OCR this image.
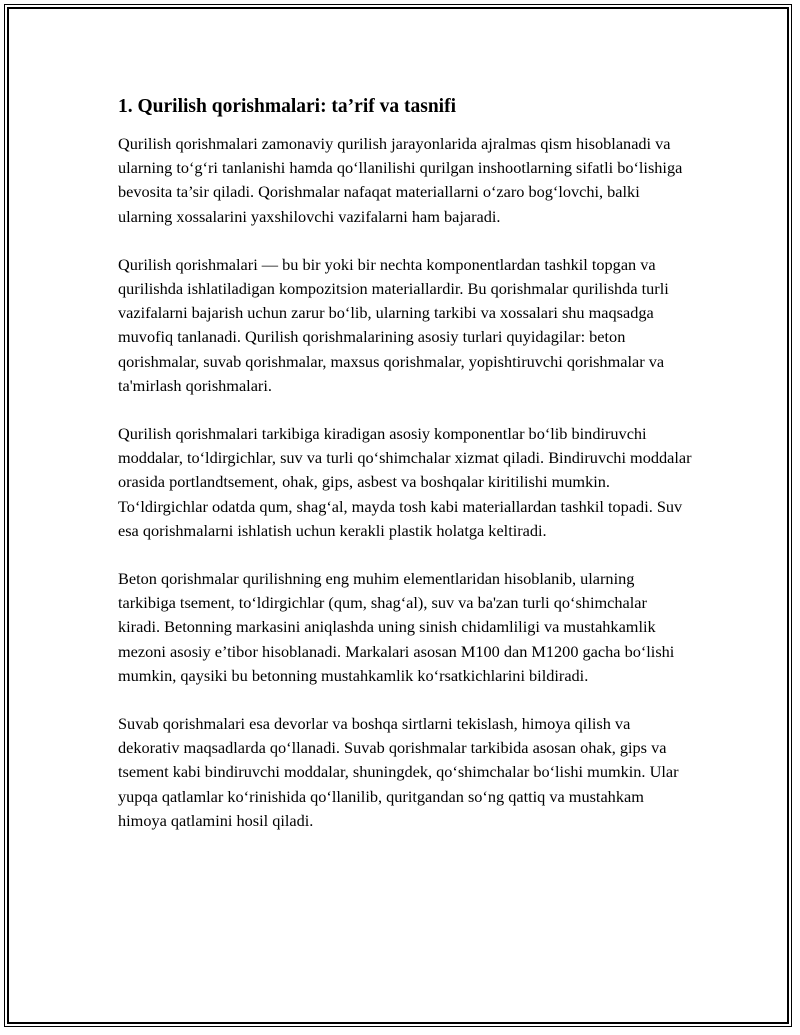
1. Qurilish qorishmalari: ta’rif va tasnifi

Qurilish qorishmalari zamonaviy qurilish jarayonlarida ajralmas qism hisoblanadi va ularning to‘g‘ri tanlanishi hamda qo‘llanilishi qurilgan inshootlarning sifatli bo‘lishiga bevosita ta’sir qiladi. Qorishmalar nafaqat materiallarni o‘zaro bog‘lovchi, balki ularning xossalarini yaxshilovchi vazifalarni ham bajaradi.

Qurilish qorishmalari — bu bir yoki bir nechta komponentlardan tashkil topgan va qurilishda ishlatiladigan kompozitsion materiallardir. Bu qorishmalar qurilishda turli vazifalarni bajarish uchun zarur bo‘lib, ularning tarkibi va xossalari shu maqsadga muvofiq tanlanadi. Qurilish qorishmalarining asosiy turlari quyidagilar: beton qorishmalar, suvab qorishmalar, maxsus qorishmalar, yopishtiruvchi qorishmalar va ta'mirlash qorishmalari.

Qurilish qorishmalari tarkibiga kiradigan asosiy komponentlar bo‘lib bindiruvchi moddalar, to‘ldirgichlar, suv va turli qo‘shimchalar xizmat qiladi. Bindiruvchi moddalar orasida portlandtsement, ohak, gips, asbest va boshqalar kiritilishi mumkin. To‘ldirgichlar odatda qum, shag‘al, mayda tosh kabi materiallardan tashkil topadi. Suv esa qorishmalarni ishlatish uchun kerakli plastik holatga keltiradi.

Beton qorishmalar qurilishning eng muhim elementlaridan hisoblanib, ularning tarkibiga tsement, to‘ldirgichlar (qum, shag‘al), suv va ba'zan turli qo‘shimchalar kiradi. Betonning markasini aniqlashda uning sinish chidamliligi va mustahkamlik mezoni asosiy e’tibor hisoblanadi. Markalari asosan M100 dan M1200 gacha bo‘lishi mumkin, qaysiki bu betonning mustahkamlik ko‘rsatkichlarini bildiradi.

Suvab qorishmalari esa devorlar va boshqa sirtlarni tekislash, himoya qilish va dekorativ maqsadlarda qo‘llanadi. Suvab qorishmalar tarkibida asosan ohak, gips va tsement kabi bindiruvchi moddalar, shuningdek, qo‘shimchalar bo‘lishi mumkin. Ular yupqa qatlamlar ko‘rinishida qo‘llanilib, quritgandan so‘ng qattiq va mustahkam himoya qatlamini hosil qiladi.
